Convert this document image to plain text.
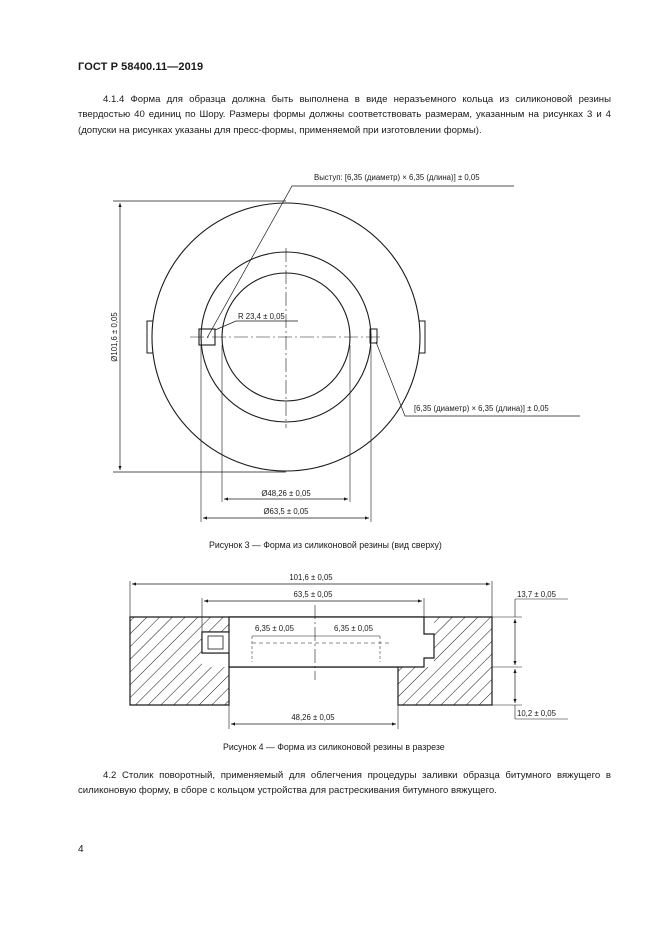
ГОСТ Р 58400.11—2019

4.1.4 Форма для образца должна быть выполнена в виде неразъемного кольца из силиконовой резины твердостью 40 единиц по Шору. Размеры формы должны соответствовать размерам, указанным на рисунках 3 и 4 (допуски на рисунках указаны для пресс-формы, применяемой при изготовлении формы).

Ø101,6 ± 0,05
Выступ: [6,35 (диаметр) × 6,35 (длина)] ± 0,05
R 23,4 ± 0,05
[6,35 (диаметр) × 6,35 (длина)] ± 0,05
Ø48,26 ± 0,05
Ø63,5 ± 0,05
101,6 ± 0,05
63,5 ± 0,05
6,35 ± 0,05	6,35 ± 0,05
13,7 ± 0,05
10,2 ± 0,05
48,26 ± 0,05
Рисунок 3 — Форма из силиконовой резины (вид сверху)
Рисунок 4 — Форма из силиконовой резины в разрезе

4.2 Столик поворотный, применяемый для облегчения процедуры заливки образца битумного вяжущего в силиконовую форму, в сборе с кольцом устройства для растрескивания битумного вяжущего.

4
